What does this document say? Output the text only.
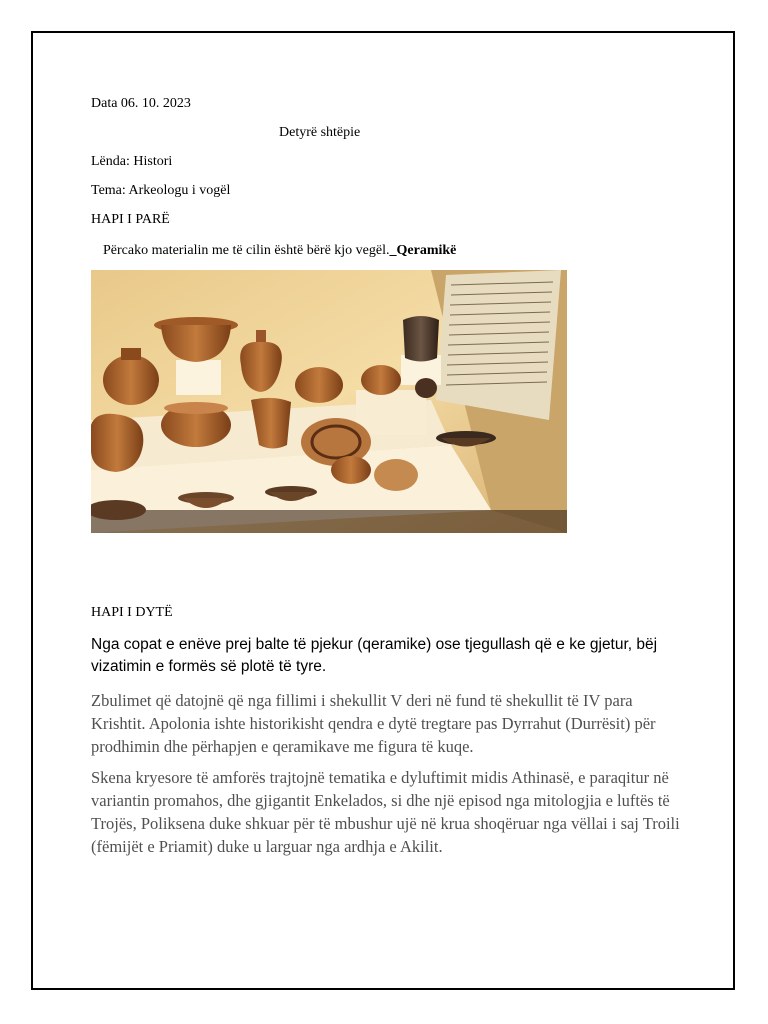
Data 06. 10. 2023
Detyrë shtëpie
Lënda: Histori
Tema: Arkeologu i vogël
HAPI I PARË
Përcako materialin me të cilin është bërë kjo vegël._Qeramikë
HAPI I DYTË
Nga copat e enëve prej balte të pjekur (qeramike) ose tjegullash që e ke gjetur, bëj vizatimin e formës së plotë të tyre.
Zbulimet që datojnë që nga fillimi i shekullit V deri në fund të shekullit të IV para Krishtit. Apolonia ishte historikisht qendra e dytë tregtare pas Dyrrahut (Durrësit) për prodhimin dhe përhapjen e qeramikave me figura të kuqe.
Skena kryesore të amforës trajtojnë tematika e dyluftimit midis Athinasë, e paraqitur në variantin promahos, dhe gjigantit Enkelados, si dhe një episod nga mitologjia e luftës të Trojës, Poliksena duke shkuar për të mbushur ujë në krua shoqëruar nga vëllai i saj Troili (fëmijët e Priamit) duke u larguar nga ardhja e Akilit.
